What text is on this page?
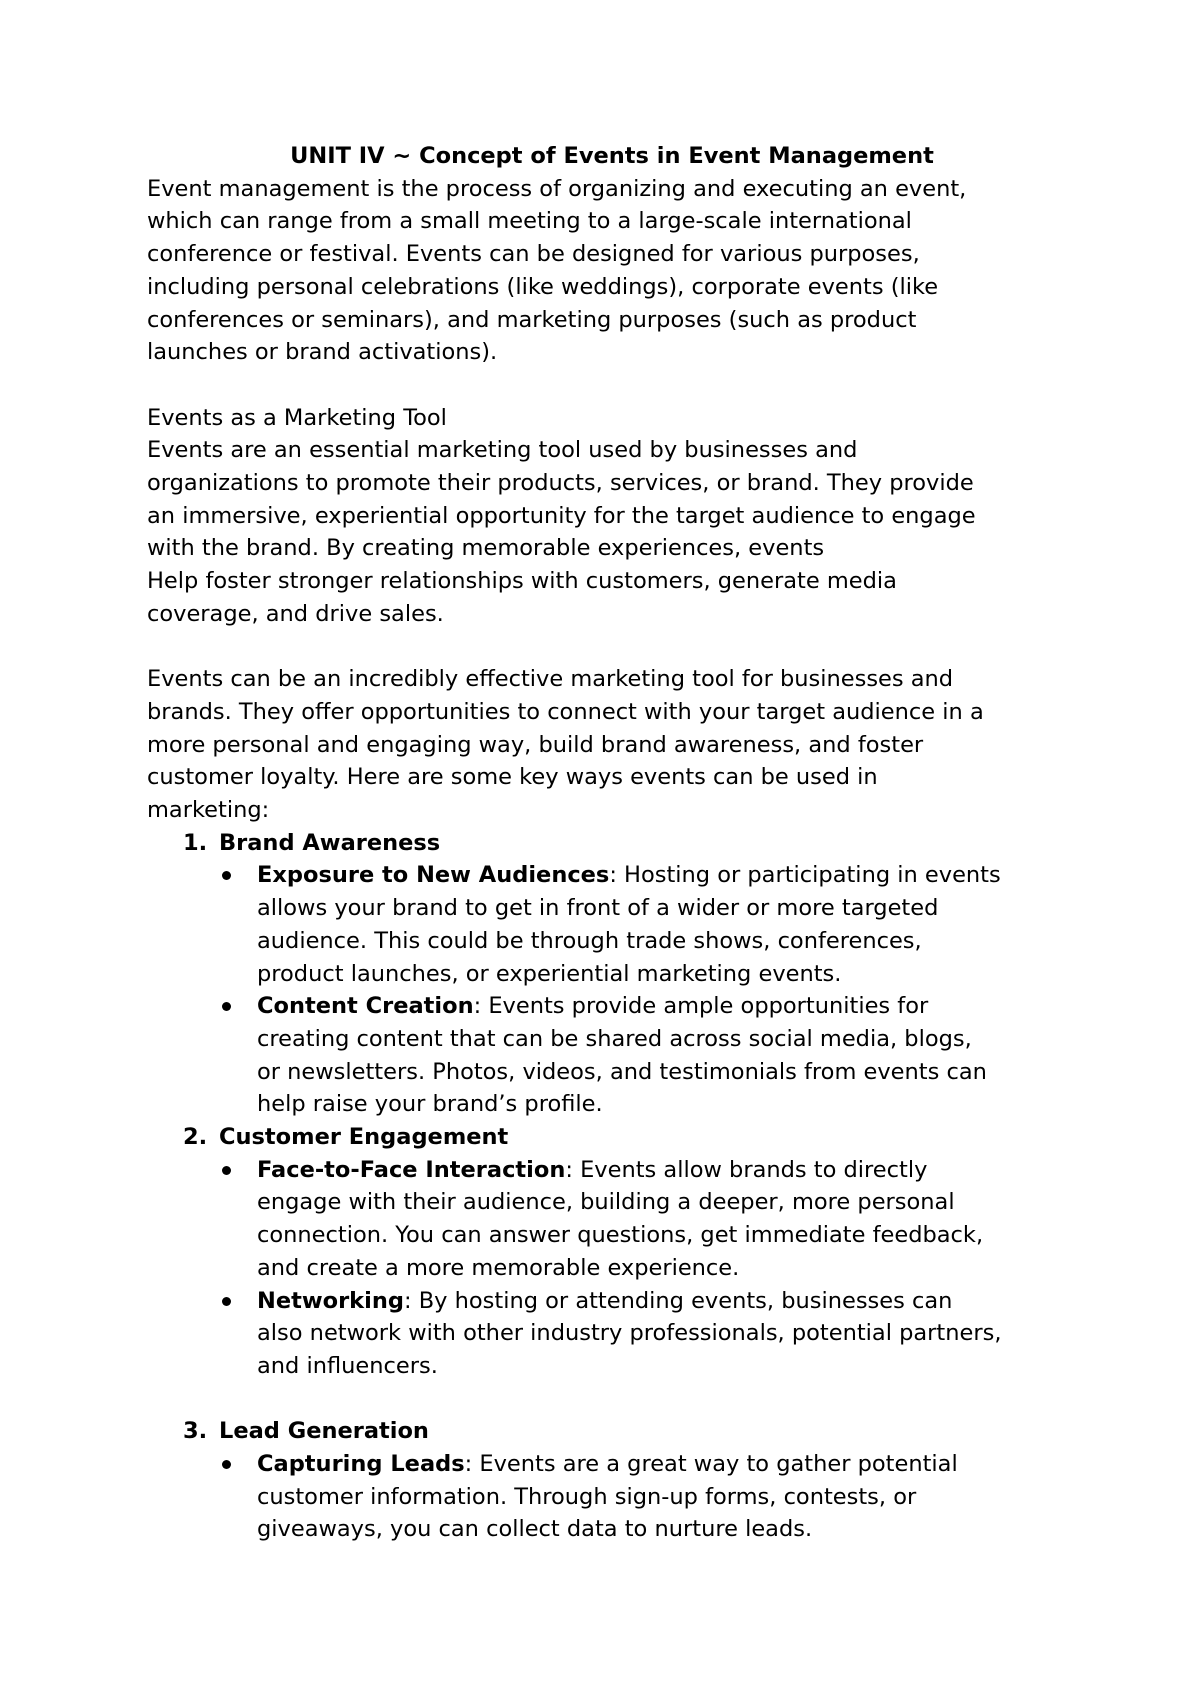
UNIT IV ~ Concept of Events in Event Management

Event management is the process of organizing and executing an event,
which can range from a small meeting to a large-scale international
conference or festival. Events can be designed for various purposes,
including personal celebrations (like weddings), corporate events (like
conferences or seminars), and marketing purposes (such as product
launches or brand activations).

Events as a Marketing Tool

Events are an essential marketing tool used by businesses and
organizations to promote their products, services, or brand. They provide
an immersive, experiential opportunity for the target audience to engage
with the brand. By creating memorable experiences, events
Help foster stronger relationships with customers, generate media
coverage, and drive sales.

Events can be an incredibly effective marketing tool for businesses and
brands. They offer opportunities to connect with your target audience in a
more personal and engaging way, build brand awareness, and foster
customer loyalty. Here are some key ways events can be used in
marketing:

1. Brand Awareness
Exposure to New Audiences: Hosting or participating in events
allows your brand to get in front of a wider or more targeted
audience. This could be through trade shows, conferences,
product launches, or experiential marketing events.
Content Creation: Events provide ample opportunities for
creating content that can be shared across social media, blogs,
or newsletters. Photos, videos, and testimonials from events can
help raise your brand’s profile.
2. Customer Engagement
Face-to-Face Interaction: Events allow brands to directly
engage with their audience, building a deeper, more personal
connection. You can answer questions, get immediate feedback,
and create a more memorable experience.
Networking: By hosting or attending events, businesses can
also network with other industry professionals, potential partners,
and influencers.
3. Lead Generation
Capturing Leads: Events are a great way to gather potential
customer information. Through sign-up forms, contests, or
giveaways, you can collect data to nurture leads.
